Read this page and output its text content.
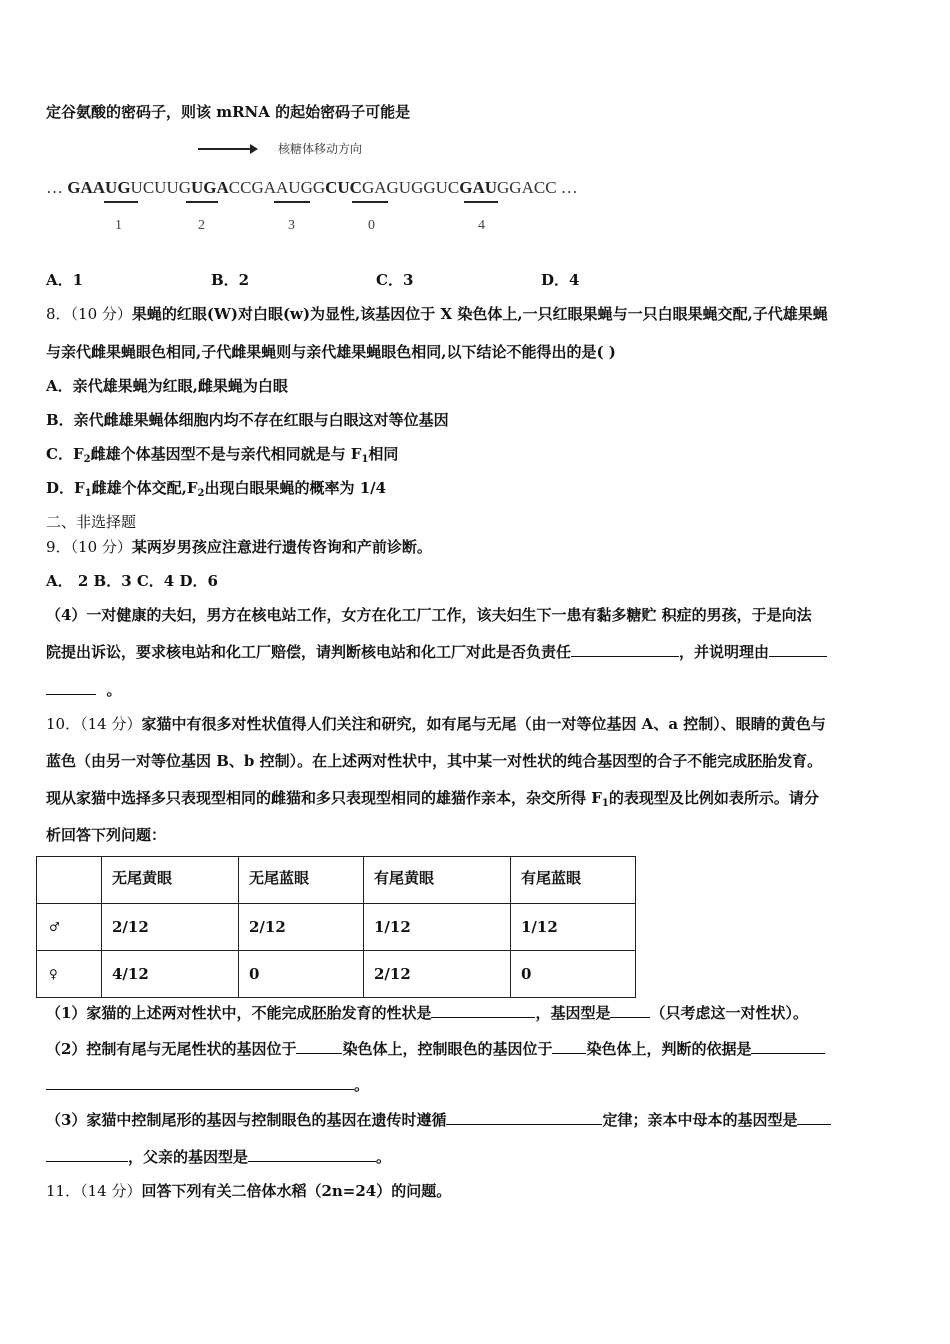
定谷氨酸的密码子，则该 mRNA 的起始密码子可能是
核糖体移动方向
… GAAUGUCUUGUGACCGAAUGGCUCGAGUGGUCGAUGGACC …
1	2	3	0	4
A．1	B．2	C．3	D．4
8．（10 分）果蝇的红眼(W)对白眼(w)为显性,该基因位于 X 染色体上,一只红眼果蝇与一只白眼果蝇交配,子代雄果蝇
与亲代雌果蝇眼色相同,子代雌果蝇则与亲代雄果蝇眼色相同,以下结论不能得出的是( )
A．亲代雄果蝇为红眼,雌果蝇为白眼
B．亲代雌雄果蝇体细胞内均不存在红眼与白眼这对等位基因
C．$F_2$雌雄个体基因型不是与亲代相同就是与 $F_1$相同
D．$F_1$雌雄个体交配$,F_2$出现白眼果蝇的概率为 1/4
二、非选择题
9．（10 分）某两岁男孩应注意进行遗传咨询和产前诊断。
A． 2 B．3 C．4 D．6
（4）一对健康的夫妇，男方在核电站工作，女方在化工厂工作，该夫妇生下一患有黏多糖贮 积症的男孩，于是向法
院提出诉讼，要求核电站和化工厂赔偿，请判断核电站和化工厂对此是否负责任	，并说明理由
。
10．（14 分）家猫中有很多对性状值得人们关注和研究，如有尾与无尾（由一对等位基因 A、a 控制）、眼睛的黄色与
蓝色（由另一对等位基因 B、b 控制）。在上述两对性状中，其中某一对性状的纯合基因型的合子不能完成胚胎发育。
现从家猫中选择多只表现型相同的雌猫和多只表现型相同的雄猫作亲本，杂交所得 $F_1$的表现型及比例如表所示。请分
析回答下列问题：
	无尾黄眼	无尾蓝眼	有尾黄眼	有尾蓝眼
♂	2/12	2/12	1/12	1/12
♀	4/12	0	2/12	0
（1）家猫的上述两对性状中，不能完成胚胎发育的性状是	，基因型是	（只考虑这一对性状）。
（2）控制有尾与无尾性状的基因位于	染色体上，控制眼色的基因位于 染色体上，判断的依据是
。
（3）家猫中控制尾形的基因与控制眼色的基因在遗传时遵循	定律；亲本中母本的基因型是
，父亲的基因型是	。
11．（14 分）回答下列有关二倍体水稻（2n=24）的问题。
